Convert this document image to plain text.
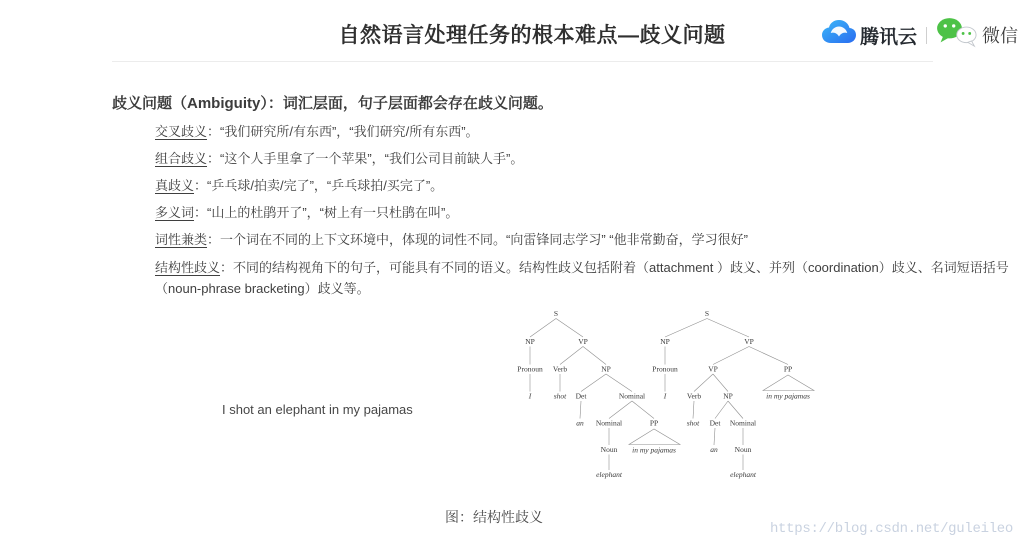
自然语言处理任务的根本难点—歧义问题	腾讯云	微信

歧义问题（Ambiguity）：词汇层面，句子层面都会存在歧义问题。

交叉歧义：“我们研究所/有东西”，“我们研究/所有东西”。
组合歧义：“这个人手里拿了一个苹果”，“我们公司目前缺人手”。
真歧义：“乒乓球/拍卖/完了”，“乒乓球拍/买完了”。
多义词：“山上的杜鹃开了”，“树上有一只杜鹃在叫”。
词性兼类：一个词在不同的上下文环境中，体现的词性不同。“向雷锋同志学习” “他非常勤奋，学习很好”
结构性歧义：不同的结构视角下的句子，可能具有不同的语义。结构性歧义包括附着（attachment ）歧义、并列（coordination）歧义、名词短语括号
（noun-phrase bracketing）歧义等。
I shot an elephant in my pajamas
S
NP	VP
Pronoun Verb	NP
I	shot Det	Nominal
an Nominal	PP
Noun in my pajamas
elephant
S
NP	VP
Pronoun	VP	PP
I	Verb	NP	in my pajamas
shot Det Nominal
an Noun
elephant
图：结构性歧义
https://blog.csdn.net/guleileo
